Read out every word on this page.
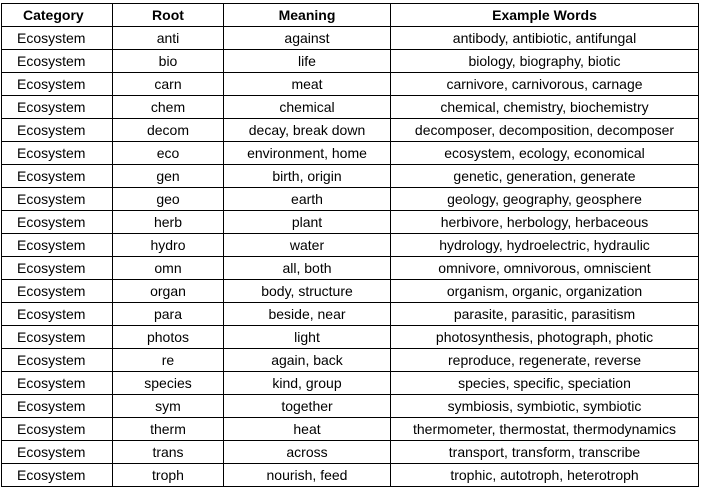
Category	Root	Meaning	Example Words
Ecosystem	anti	against	antibody, antibiotic, antifungal
Ecosystem	bio	life	biology, biography, biotic
Ecosystem	carn	meat	carnivore, carnivorous, carnage
Ecosystem	chem	chemical	chemical, chemistry, biochemistry
Ecosystem	decom	decay, break down	decomposer, decomposition, decomposer
Ecosystem	eco	environment, home	ecosystem, ecology, economical
Ecosystem	gen	birth, origin	genetic, generation, generate
Ecosystem	geo	earth	geology, geography, geosphere
Ecosystem	herb	plant	herbivore, herbology, herbaceous
Ecosystem	hydro	water	hydrology, hydroelectric, hydraulic
Ecosystem	omn	all, both	omnivore, omnivorous, omniscient
Ecosystem	organ	body, structure	organism, organic, organization
Ecosystem	para	beside, near	parasite, parasitic, parasitism
Ecosystem	photos	light	photosynthesis, photograph, photic
Ecosystem	re	again, back	reproduce, regenerate, reverse
Ecosystem	species	kind, group	species, specific, speciation
Ecosystem	sym	together	symbiosis, symbiotic, symbiotic
Ecosystem	therm	heat	thermometer, thermostat, thermodynamics
Ecosystem	trans	across	transport, transform, transcribe
Ecosystem	troph	nourish, feed	trophic, autotroph, heterotroph
